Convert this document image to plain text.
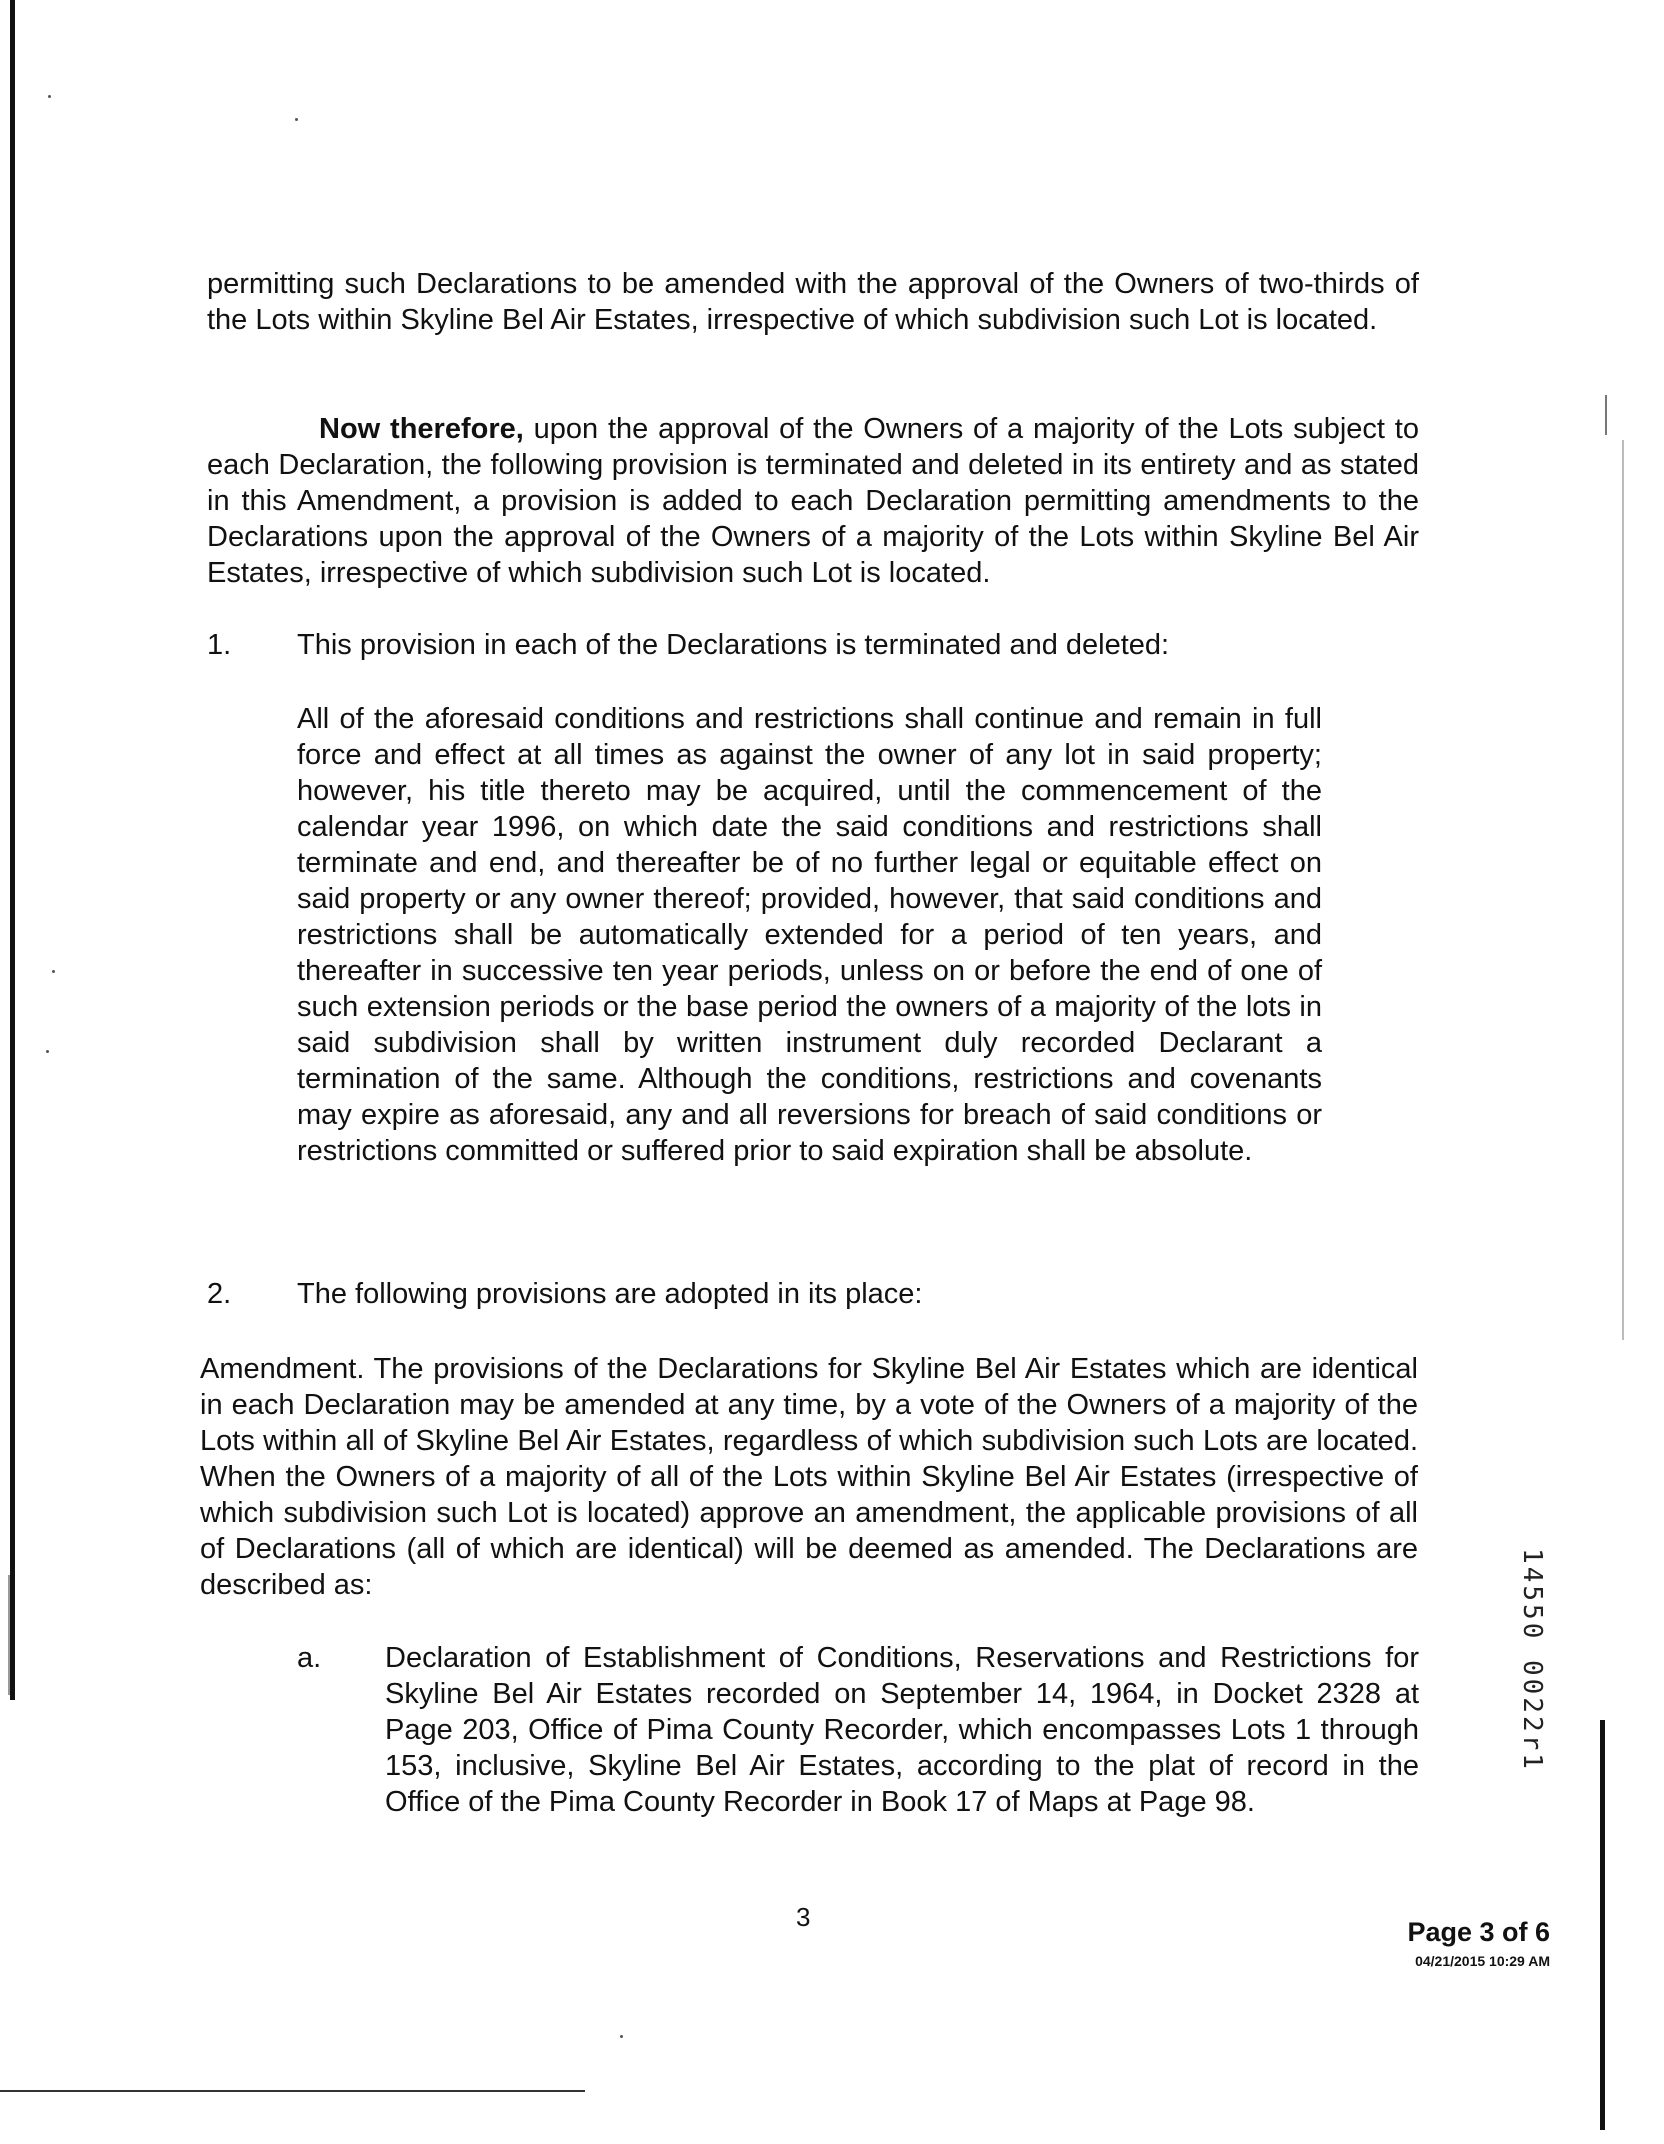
permitting such Declarations to be amended with the approval of the Owners of two-thirds of the Lots within Skyline Bel Air Estates, irrespective of which subdivision such Lot is located.

Now therefore, upon the approval of the Owners of a majority of the Lots subject to each Declaration, the following provision is terminated and deleted in its entirety and as stated in this Amendment, a provision is added to each Declaration permitting amendments to the Declarations upon the approval of the Owners of a majority of the Lots within Skyline Bel Air Estates, irrespective of which subdivision such Lot is located.

1. This provision in each of the Declarations is terminated and deleted:

All of the aforesaid conditions and restrictions shall continue and remain in full force and effect at all times as against the owner of any lot in said property; however, his title thereto may be acquired, until the commencement of the calendar year 1996, on which date the said conditions and restrictions shall terminate and end, and thereafter be of no further legal or equitable effect on said property or any owner thereof; provided, however, that said conditions and restrictions shall be automatically extended for a period of ten years, and thereafter in successive ten year periods, unless on or before the end of one of such extension periods or the base period the owners of a majority of the lots in said subdivision shall by written instrument duly recorded Declarant a termination of the same. Although the conditions, restrictions and covenants may expire as aforesaid, any and all reversions for breach of said conditions or restrictions committed or suffered prior to said expiration shall be absolute.

2. The following provisions are adopted in its place:

Amendment. The provisions of the Declarations for Skyline Bel Air Estates which are identical in each Declaration may be amended at any time, by a vote of the Owners of a majority of the Lots within all of Skyline Bel Air Estates, regardless of which subdivision such Lots are located. When the Owners of a majority of all of the Lots within Skyline Bel Air Estates (irrespective of which subdivision such Lot is located) approve an amendment, the applicable provisions of all of Declarations (all of which are identical) will be deemed as amended. The Declarations are described as:

a. Declaration of Establishment of Conditions, Reservations and Restrictions for Skyline Bel Air Estates recorded on September 14, 1964, in Docket 2328 at Page 203, Office of Pima County Recorder, which encompasses Lots 1 through 153, inclusive, Skyline Bel Air Estates, according to the plat of record in the Office of the Pima County Recorder in Book 17 of Maps at Page 98.

3	Page 3 of 6
04/21/2015 10:29 AM
14550 0022r1
